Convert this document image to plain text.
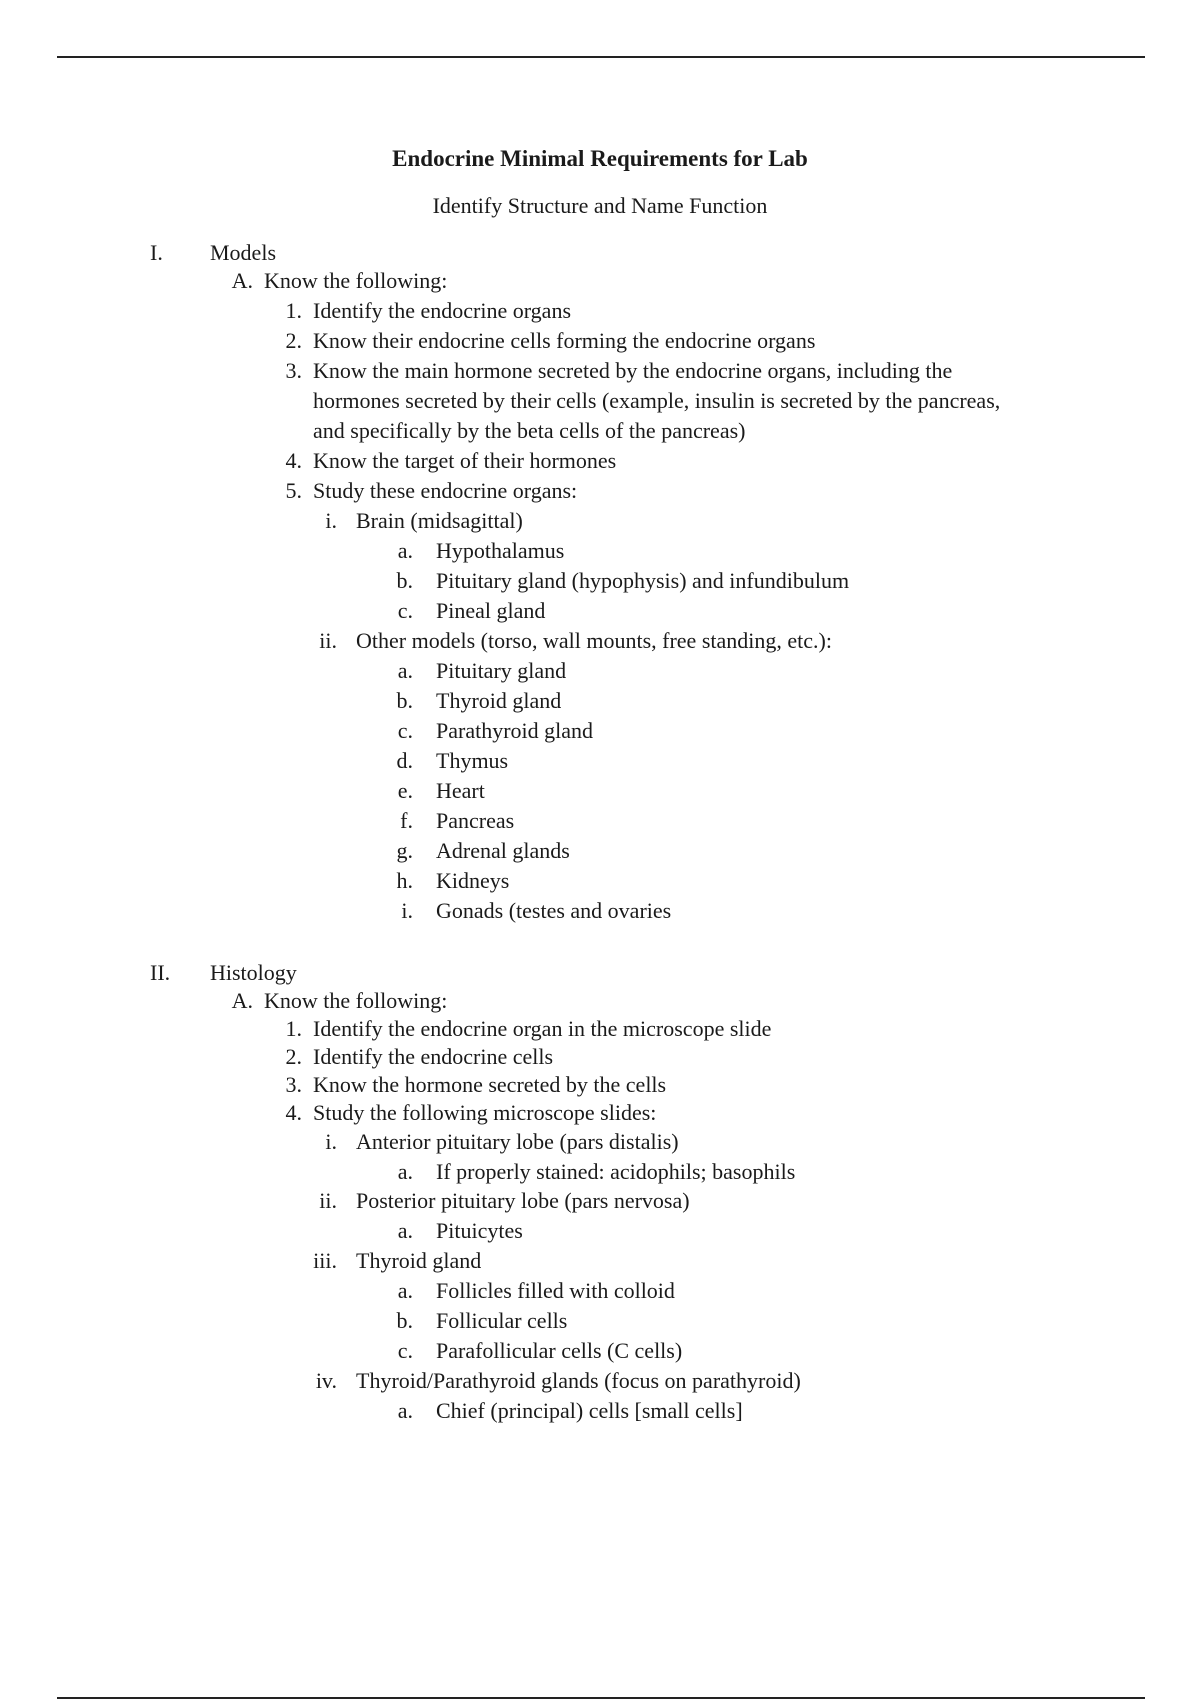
Endocrine Minimal Requirements for Lab
Identify Structure and Name Function
I.	Models
A. Know the following:
1. Identify the endocrine organs
2. Know their endocrine cells forming the endocrine organs
3. Know the main hormone secreted by the endocrine organs, including the
hormones secreted by their cells (example, insulin is secreted by the pancreas,
and specifically by the beta cells of the pancreas)
4. Know the target of their hormones
5. Study these endocrine organs:
i. Brain (midsagittal)
a. Hypothalamus
b. Pituitary gland (hypophysis) and infundibulum
c. Pineal gland
ii. Other models (torso, wall mounts, free standing, etc.):
a. Pituitary gland
b. Thyroid gland
c. Parathyroid gland
d. Thymus
e. Heart
f. Pancreas
g. Adrenal glands
h. Kidneys
i. Gonads (testes and ovaries
II.	Histology
A. Know the following:
1. Identify the endocrine organ in the microscope slide
2. Identify the endocrine cells
3. Know the hormone secreted by the cells
4. Study the following microscope slides:
i. Anterior pituitary lobe (pars distalis)
a. If properly stained: acidophils; basophils
ii. Posterior pituitary lobe (pars nervosa)
a. Pituicytes
iii. Thyroid gland
a. Follicles filled with colloid
b. Follicular cells
c. Parafollicular cells (C cells)
iv. Thyroid/Parathyroid glands (focus on parathyroid)
a. Chief (principal) cells [small cells]
